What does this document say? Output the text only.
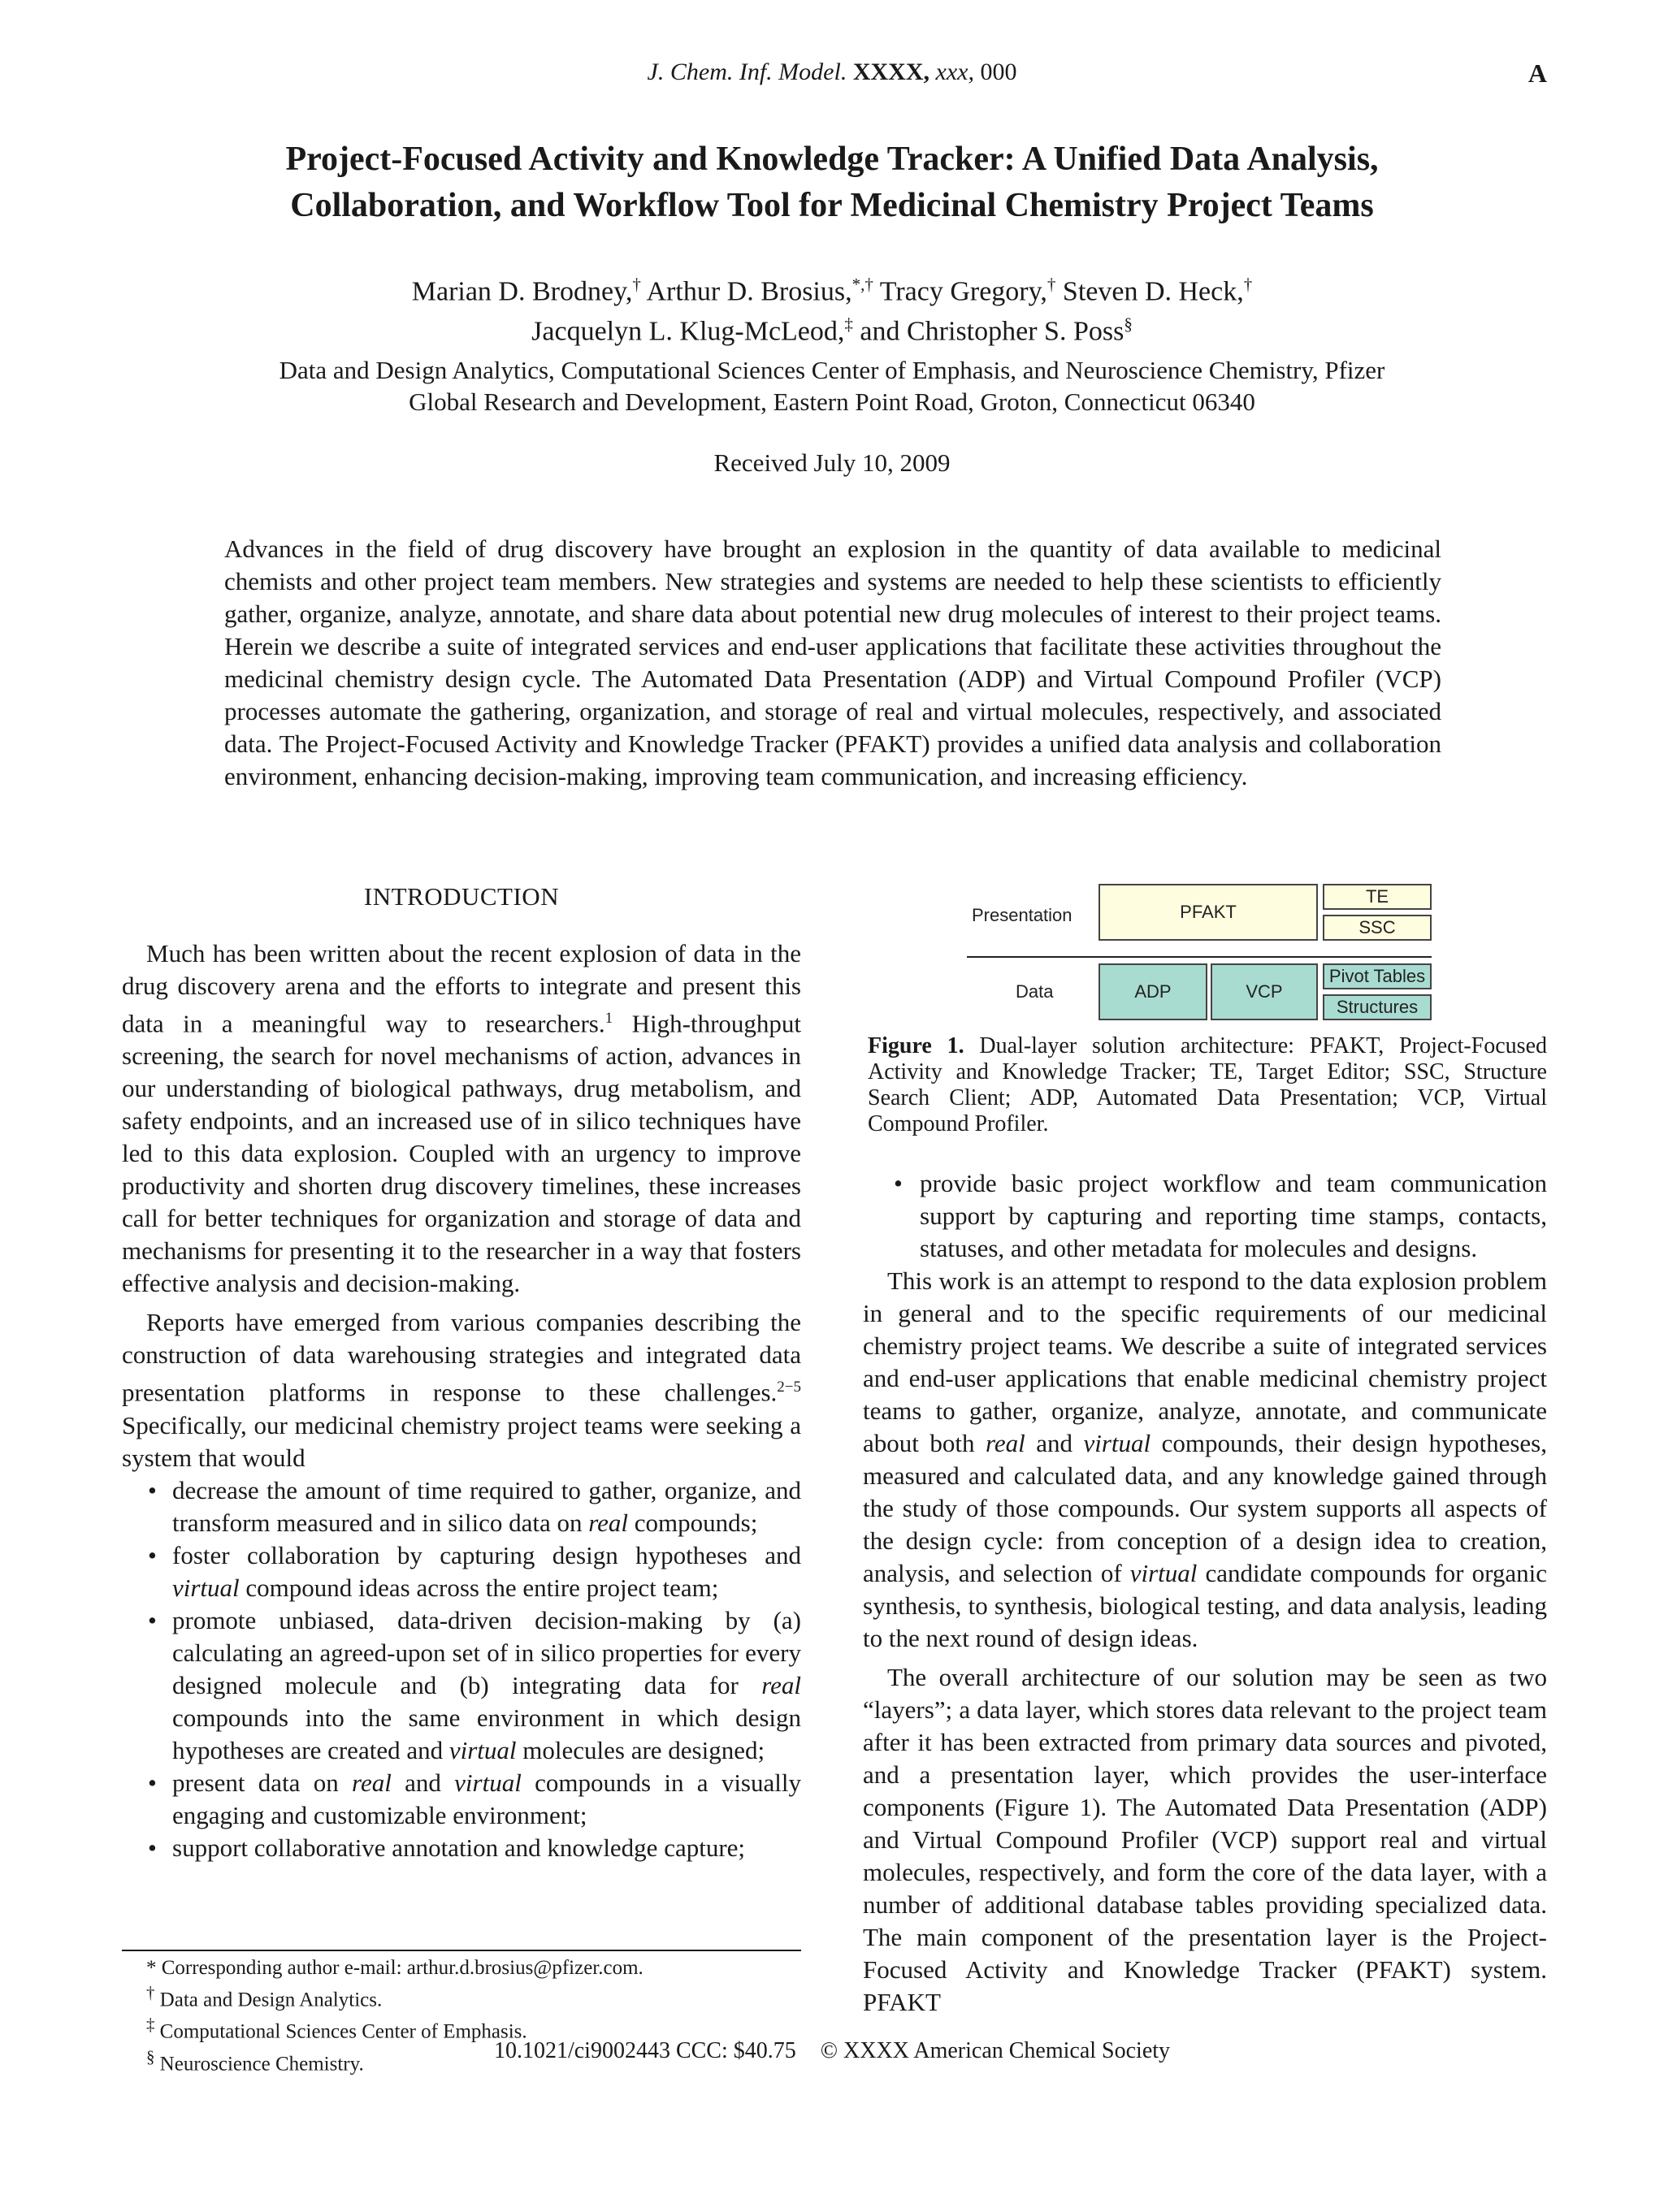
J. Chem. Inf. Model. XXXX, xxx, 000	A
Project-Focused Activity and Knowledge Tracker: A Unified Data Analysis,
Collaboration, and Workflow Tool for Medicinal Chemistry Project Teams
Marian D. Brodney,† Arthur D. Brosius,*,† Tracy Gregory,† Steven D. Heck,†
Jacquelyn L. Klug-McLeod,‡ and Christopher S. Poss§
Data and Design Analytics, Computational Sciences Center of Emphasis, and Neuroscience Chemistry, Pfizer
Global Research and Development, Eastern Point Road, Groton, Connecticut 06340
Received July 10, 2009
Advances in the field of drug discovery have brought an explosion in the quantity of data available to medicinal chemists and other project team members. New strategies and systems are needed to help these scientists to efficiently gather, organize, analyze, annotate, and share data about potential new drug molecules of interest to their project teams. Herein we describe a suite of integrated services and end-user applications that facilitate these activities throughout the medicinal chemistry design cycle. The Automated Data Presentation (ADP) and Virtual Compound Profiler (VCP) processes automate the gathering, organization, and storage of real and virtual molecules, respectively, and associated data. The Project-Focused Activity and Knowledge Tracker (PFAKT) provides a unified data analysis and collaboration environment, enhancing decision-making, improving team communication, and increasing efficiency.
INTRODUCTION

Much has been written about the recent explosion of data in the drug discovery arena and the efforts to integrate and present this data in a meaningful way to researchers.$^1$ High-throughput screening, the search for novel mechanisms of action, advances in our understanding of biological pathways, drug metabolism, and safety endpoints, and an increased use of in silico techniques have led to this data explosion. Coupled with an urgency to improve productivity and shorten drug discovery timelines, these increases call for better techniques for organization and storage of data and mechanisms for presenting it to the researcher in a way that fosters effective analysis and decision-making.

Reports have emerged from various companies describing the construction of data warehousing strategies and integrated data presentation platforms in response to these challenges.$^{2-5}$ Specifically, our medicinal chemistry project teams were seeking a system that would

• decrease the amount of time required to gather, organize, and transform measured and in silico data on real compounds;
• foster collaboration by capturing design hypotheses and virtual compound ideas across the entire project team;
• promote unbiased, data-driven decision-making by (a) calculating an agreed-upon set of in silico properties for every designed molecule and (b) integrating data for real compounds into the same environment in which design hypotheses are created and virtual molecules are designed;
• present data on real and virtual compounds in a visually engaging and customizable environment;
• support collaborative annotation and knowledge capture;
* Corresponding author e-mail: arthur.d.brosius@pfizer.com.
† Data and Design Analytics.
‡ Computational Sciences Center of Emphasis.
§ Neuroscience Chemistry.
Presentation	PFAKT
TE
SSC
Data	ADP	VCP
Pivot Tables
Structures
Figure 1. Dual-layer solution architecture: PFAKT, Project-Focused Activity and Knowledge Tracker; TE, Target Editor; SSC, Structure Search Client; ADP, Automated Data Presentation; VCP, Virtual Compound Profiler.
• provide basic project workflow and team communication support by capturing and reporting time stamps, contacts, statuses, and other metadata for molecules and designs.

This work is an attempt to respond to the data explosion problem in general and to the specific requirements of our medicinal chemistry project teams. We describe a suite of integrated services and end-user applications that enable medicinal chemistry project teams to gather, organize, analyze, annotate, and communicate about both real and virtual compounds, their design hypotheses, measured and calculated data, and any knowledge gained through the study of those compounds. Our system supports all aspects of the design cycle: from conception of a design idea to creation, analysis, and selection of virtual candidate compounds for organic synthesis, to synthesis, biological testing, and data analysis, leading to the next round of design ideas.

The overall architecture of our solution may be seen as two “layers”; a data layer, which stores data relevant to the project team after it has been extracted from primary data sources and pivoted, and a presentation layer, which provides the user-interface components (Figure 1). The Automated Data Presentation (ADP) and Virtual Compound Profiler (VCP) support real and virtual molecules, respectively, and form the core of the data layer, with a number of additional database tables providing specialized data. The main component of the presentation layer is the Project-Focused Activity and Knowledge Tracker (PFAKT) system. PFAKT

10.1021/ci9002443 CCC: $40.75 © XXXX American Chemical Society
